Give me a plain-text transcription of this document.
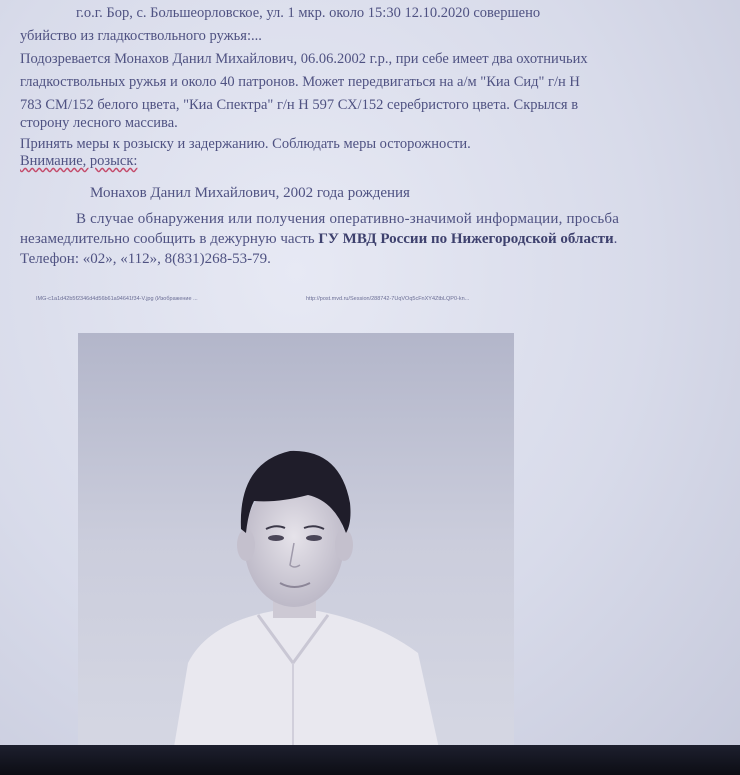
г.о.г. Бор, с. Большеорловское, ул. 1 мкр. около 15:30 12.10.2020 совершено
убийство из гладкоствольного ружья:...
Подозревается Монахов Данил Михайлович, 06.06.2002 г.р., при себе имеет два охотничьих
гладкоствольных ружья и около 40 патронов. Может передвигаться на а/м "Киа Сид" г/н Н
783 СМ/152 белого цвета, "Киа Спектра" г/н Н 597 СХ/152 серебристого цвета. Скрылся в
сторону лесного массива.
Принять меры к розыску и задержанию. Соблюдать меры осторожности.
Внимание, розыск:
Монахов Данил Михайлович, 2002 года рождения
В случае обнаружения или получения оперативно-значимой информации, просьба
незамедлительно сообщить в дежурную часть ГУ МВД России по Нижегородской области.
Телефон: «02», «112», 8(831)268-53-79.
IMG-c1a1d42b5f2346d4d56b61a94641f34-V.jpg (Изображение ...	http://post.mvd.ru/Session/288742-7UqVOq5cFnXY4ZtbLQP0-kn...
